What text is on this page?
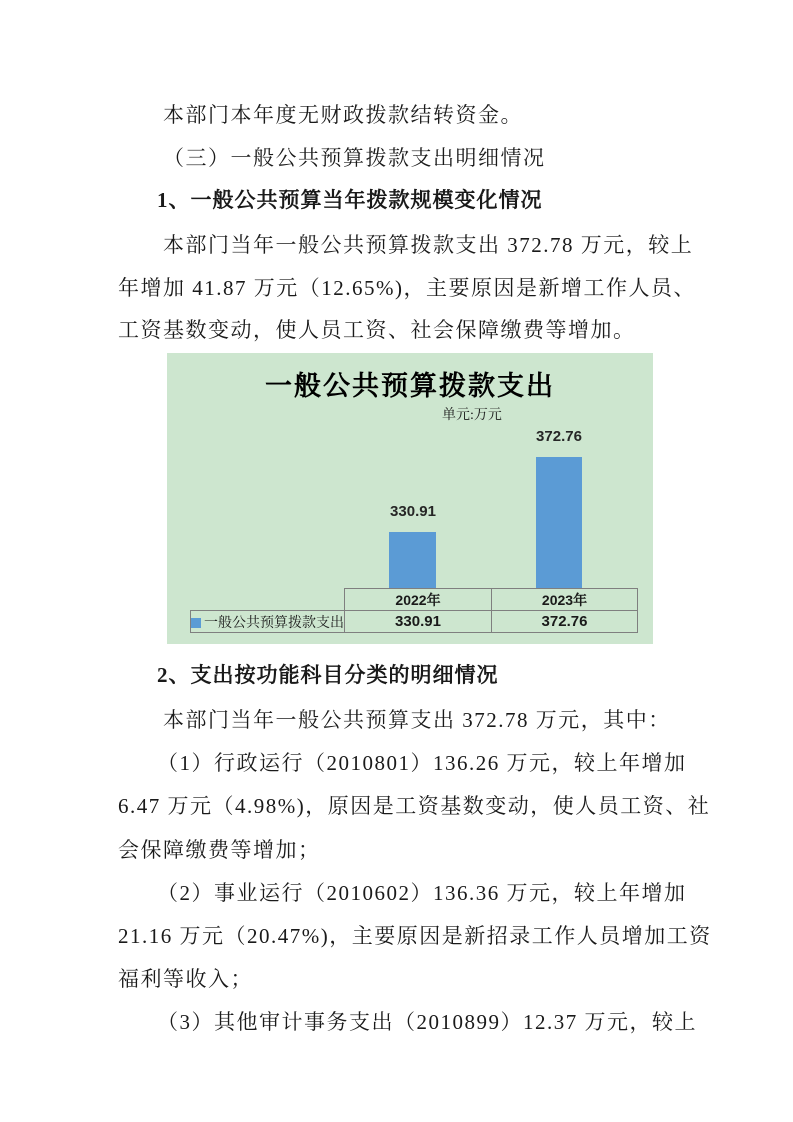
本部门本年度无财政拨款结转资金。
（三）一般公共预算拨款支出明细情况
1、一般公共预算当年拨款规模变化情况
本部门当年一般公共预算拨款支出 372.78 万元，较上
年增加 41.87 万元（12.65%)，主要原因是新增工作人员、
工资基数变动，使人员工资、社会保障缴费等增加。
一般公共预算拨款支出
单元:万元
330.91
372.76
	2022年	2023年
一般公共预算拨款支出	330.91	372.76
2、支出按功能科目分类的明细情况
本部门当年一般公共预算支出 372.78 万元，其中：
（1）行政运行（2010801）136.26 万元，较上年增加
6.47 万元（4.98%)，原因是工资基数变动，使人员工资、社
会保障缴费等增加；
（2）事业运行（2010602）136.36 万元，较上年增加
21.16 万元（20.47%)，主要原因是新招录工作人员增加工资
福利等收入；
（3）其他审计事务支出（2010899）12.37 万元，较上
